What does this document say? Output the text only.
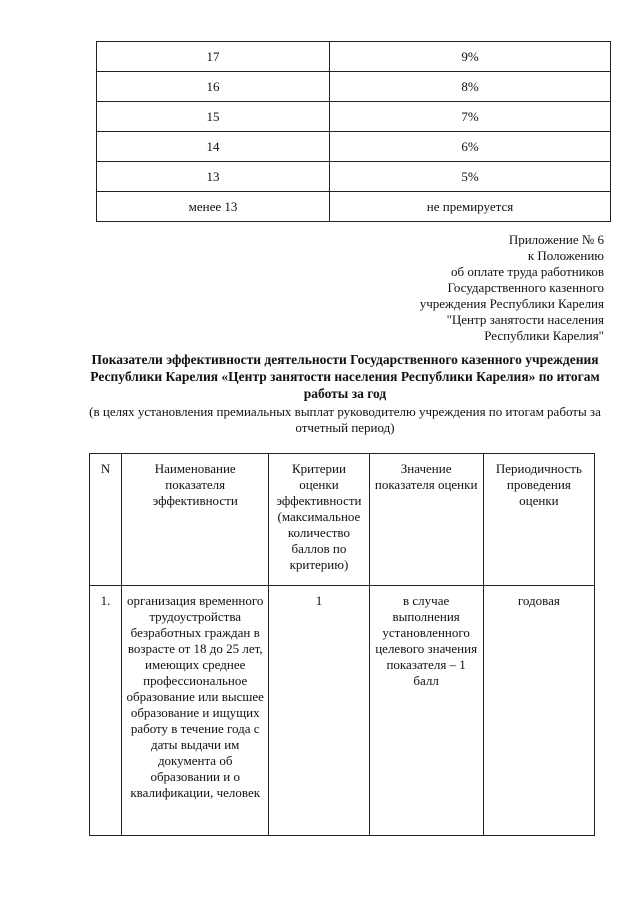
17	9%
16	8%
15	7%
14	6%
13	5%
менее 13	не премируется
Приложение № 6
к Положению
об оплате труда работников
Государственного казенного
учреждения Республики Карелия
"Центр занятости населения
Республики Карелия"
Показатели эффективности деятельности Государственного казенного учреждения Республики Карелия «Центр занятости населения Республики Карелия» по итогам работы за год
(в целях установления премиальных выплат руководителю учреждения по итогам работы за отчетный период)
N	Наименование показателя эффективности	Критерии оценки эффективности (максимальное количество баллов по критерию)	Значение показателя оценки	Периодичность проведения оценки
1.	организация временного трудоустройства безработных граждан в возрасте от 18 до 25 лет, имеющих среднее профессиональное образование или высшее образование и ищущих работу в течение года с даты выдачи им документа об образовании и о квалификации, человек	1	в случае выполнения установленного целевого значения показателя – 1 балл	годовая
